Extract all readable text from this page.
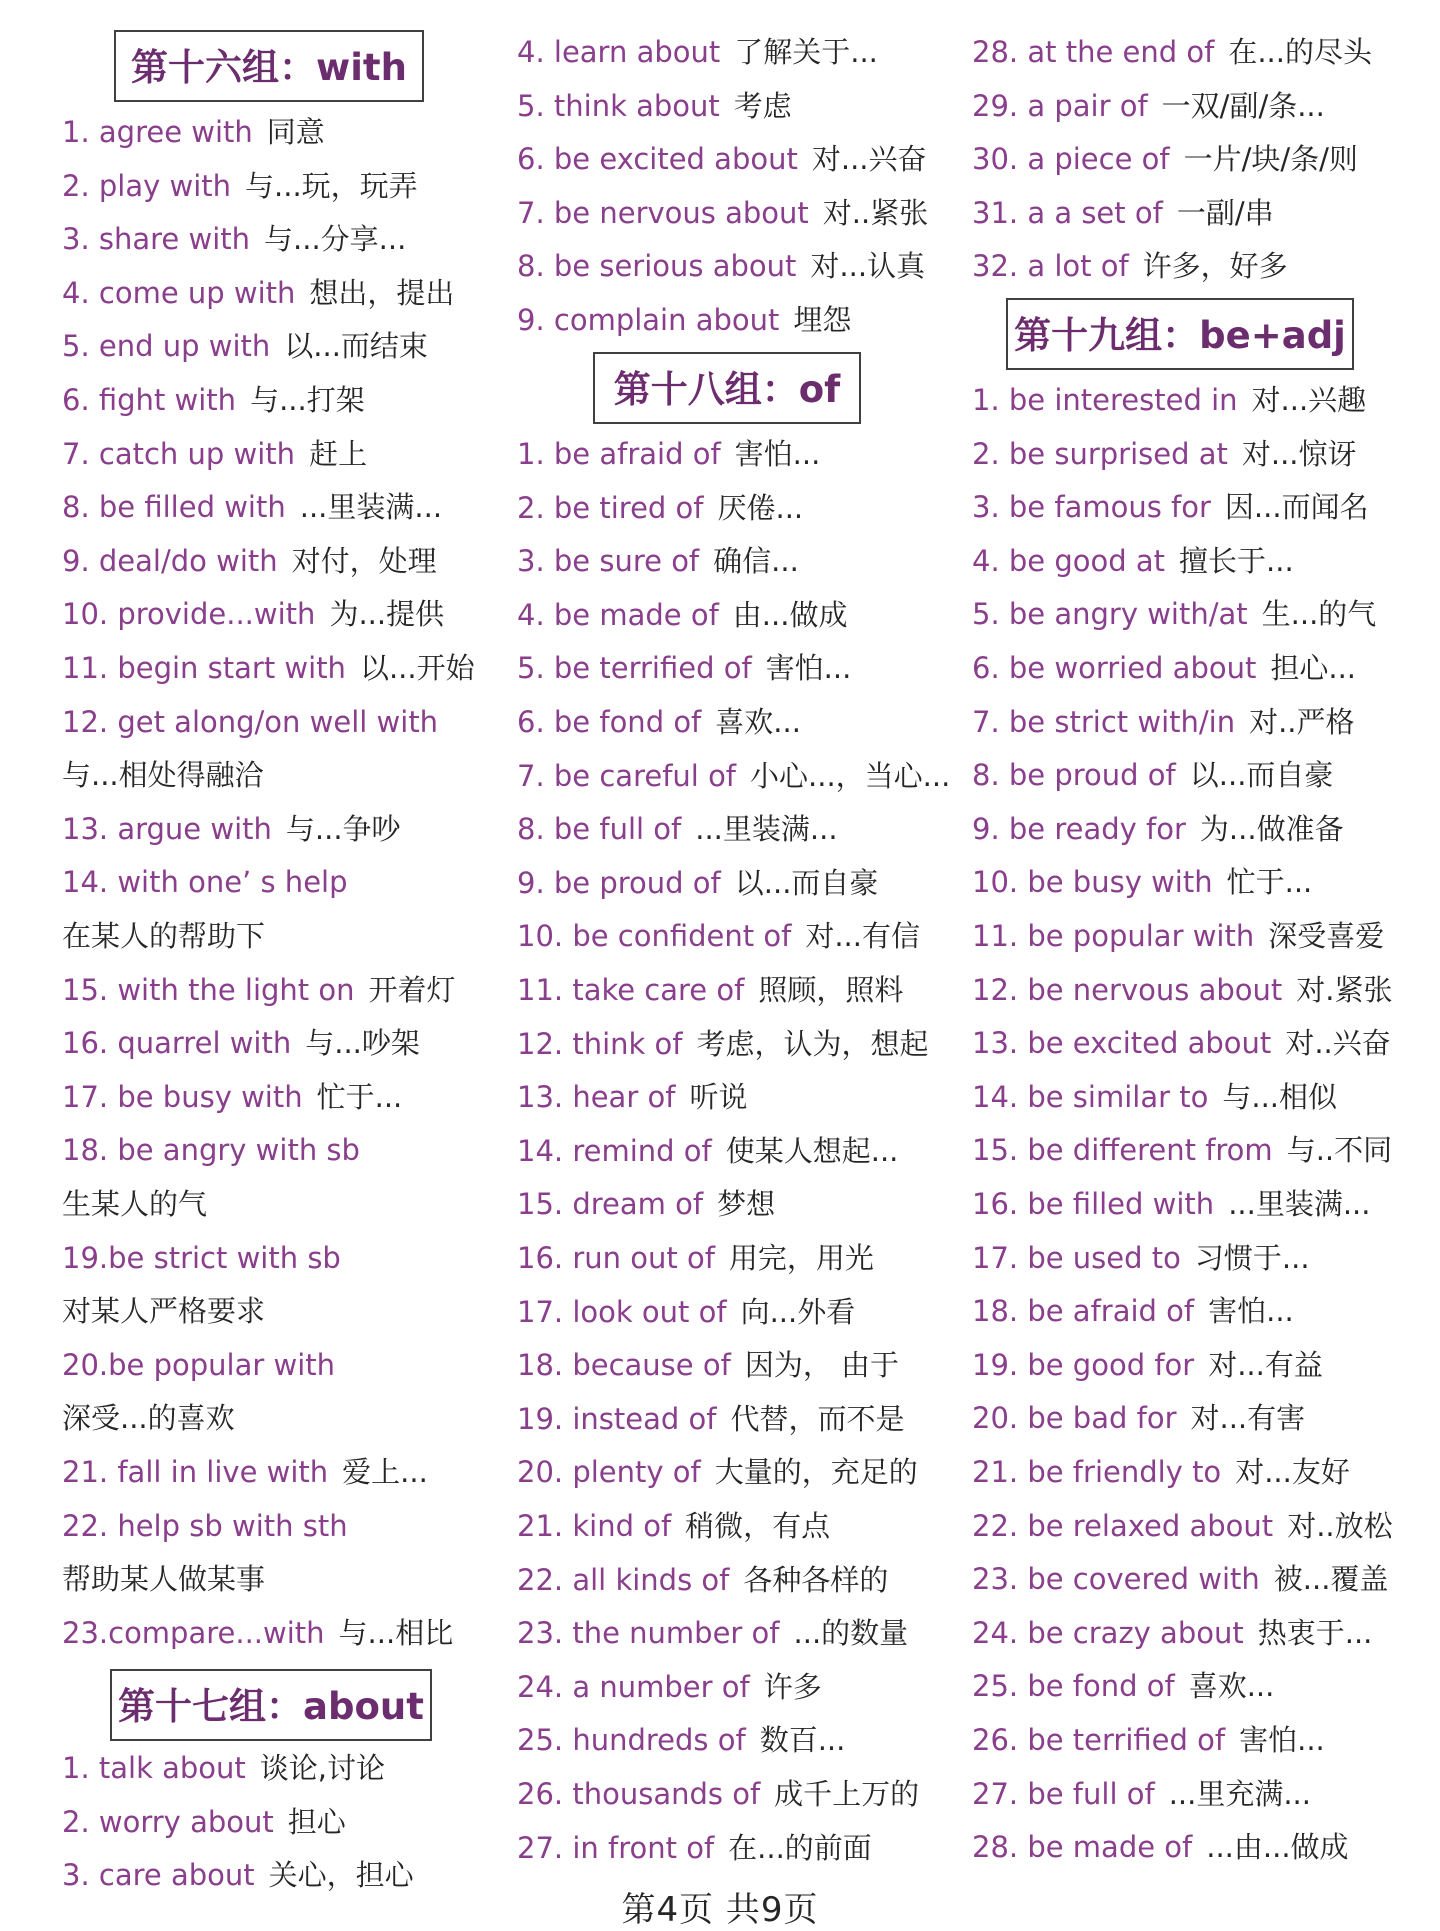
第十六组：with
1. agree with 同意
2. play with 与...玩，玩弄
3. share with 与...分享...
4. come up with 想出，提出
5. end up with 以...而结束
6. fight with 与...打架
7. catch up with 赶上
8. be filled with ...里装满...
9. deal/do with 对付，处理
10. provide...with 为...提供
11. begin start with 以...开始
12. get along/on well with
与...相处得融洽
13. argue with 与...争吵
14. with one’ s help
在某人的帮助下
15. with the light on 开着灯
16. quarrel with 与...吵架
17. be busy with 忙于...
18. be angry with sb
生某人的气
19.be strict with sb
对某人严格要求
20.be popular with
深受...的喜欢
21. fall in live with 爱上...
22. help sb with sth
帮助某人做某事
23.compare...with 与...相比
第十七组：about
1. talk about 谈论,讨论
2. worry about 担心
3. care about 关心，担心
4. learn about 了解关于...
5. think about 考虑
6. be excited about 对...兴奋
7. be nervous about 对..紧张
8. be serious about 对...认真
9. complain about 埋怨
第十八组：of
1. be afraid of 害怕...
2. be tired of 厌倦...
3. be sure of 确信...
4. be made of 由...做成
5. be terrified of 害怕...
6. be fond of 喜欢...
7. be careful of 小心...，当心...
8. be full of ...里装满...
9. be proud of 以...而自豪
10. be confident of 对...有信
11. take care of 照顾，照料
12. think of 考虑，认为，想起
13. hear of 听说
14. remind of 使某人想起...
15. dream of 梦想
16. run out of 用完，用光
17. look out of 向...外看
18. because of 因为， 由于
19. instead of 代替，而不是
20. plenty of 大量的，充足的
21. kind of 稍微，有点
22. all kinds of 各种各样的
23. the number of ...的数量
24. a number of 许多
25. hundreds of 数百...
26. thousands of 成千上万的
27. in front of 在...的前面
28. at the end of 在...的尽头
29. a pair of 一双/副/条...
30. a piece of 一片/块/条/则
31. a a set of 一副/串
32. a lot of 许多，好多
第十九组：be+adj
1. be interested in 对...兴趣
2. be surprised at 对...惊讶
3. be famous for 因...而闻名
4. be good at 擅长于...
5. be angry with/at 生...的气
6. be worried about 担心...
7. be strict with/in 对..严格
8. be proud of 以...而自豪
9. be ready for 为...做准备
10. be busy with 忙于...
11. be popular with 深受喜爱
12. be nervous about 对.紧张
13. be excited about 对..兴奋
14. be similar to 与...相似
15. be different from 与..不同
16. be filled with ...里装满...
17. be used to 习惯于...
18. be afraid of 害怕...
19. be good for 对...有益
20. be bad for 对...有害
21. be friendly to 对...友好
22. be relaxed about 对..放松
23. be covered with 被...覆盖
24. be crazy about 热衷于...
25. be fond of 喜欢...
26. be terrified of 害怕...
27. be full of ...里充满...
28. be made of ...由...做成
第4页 共9页
